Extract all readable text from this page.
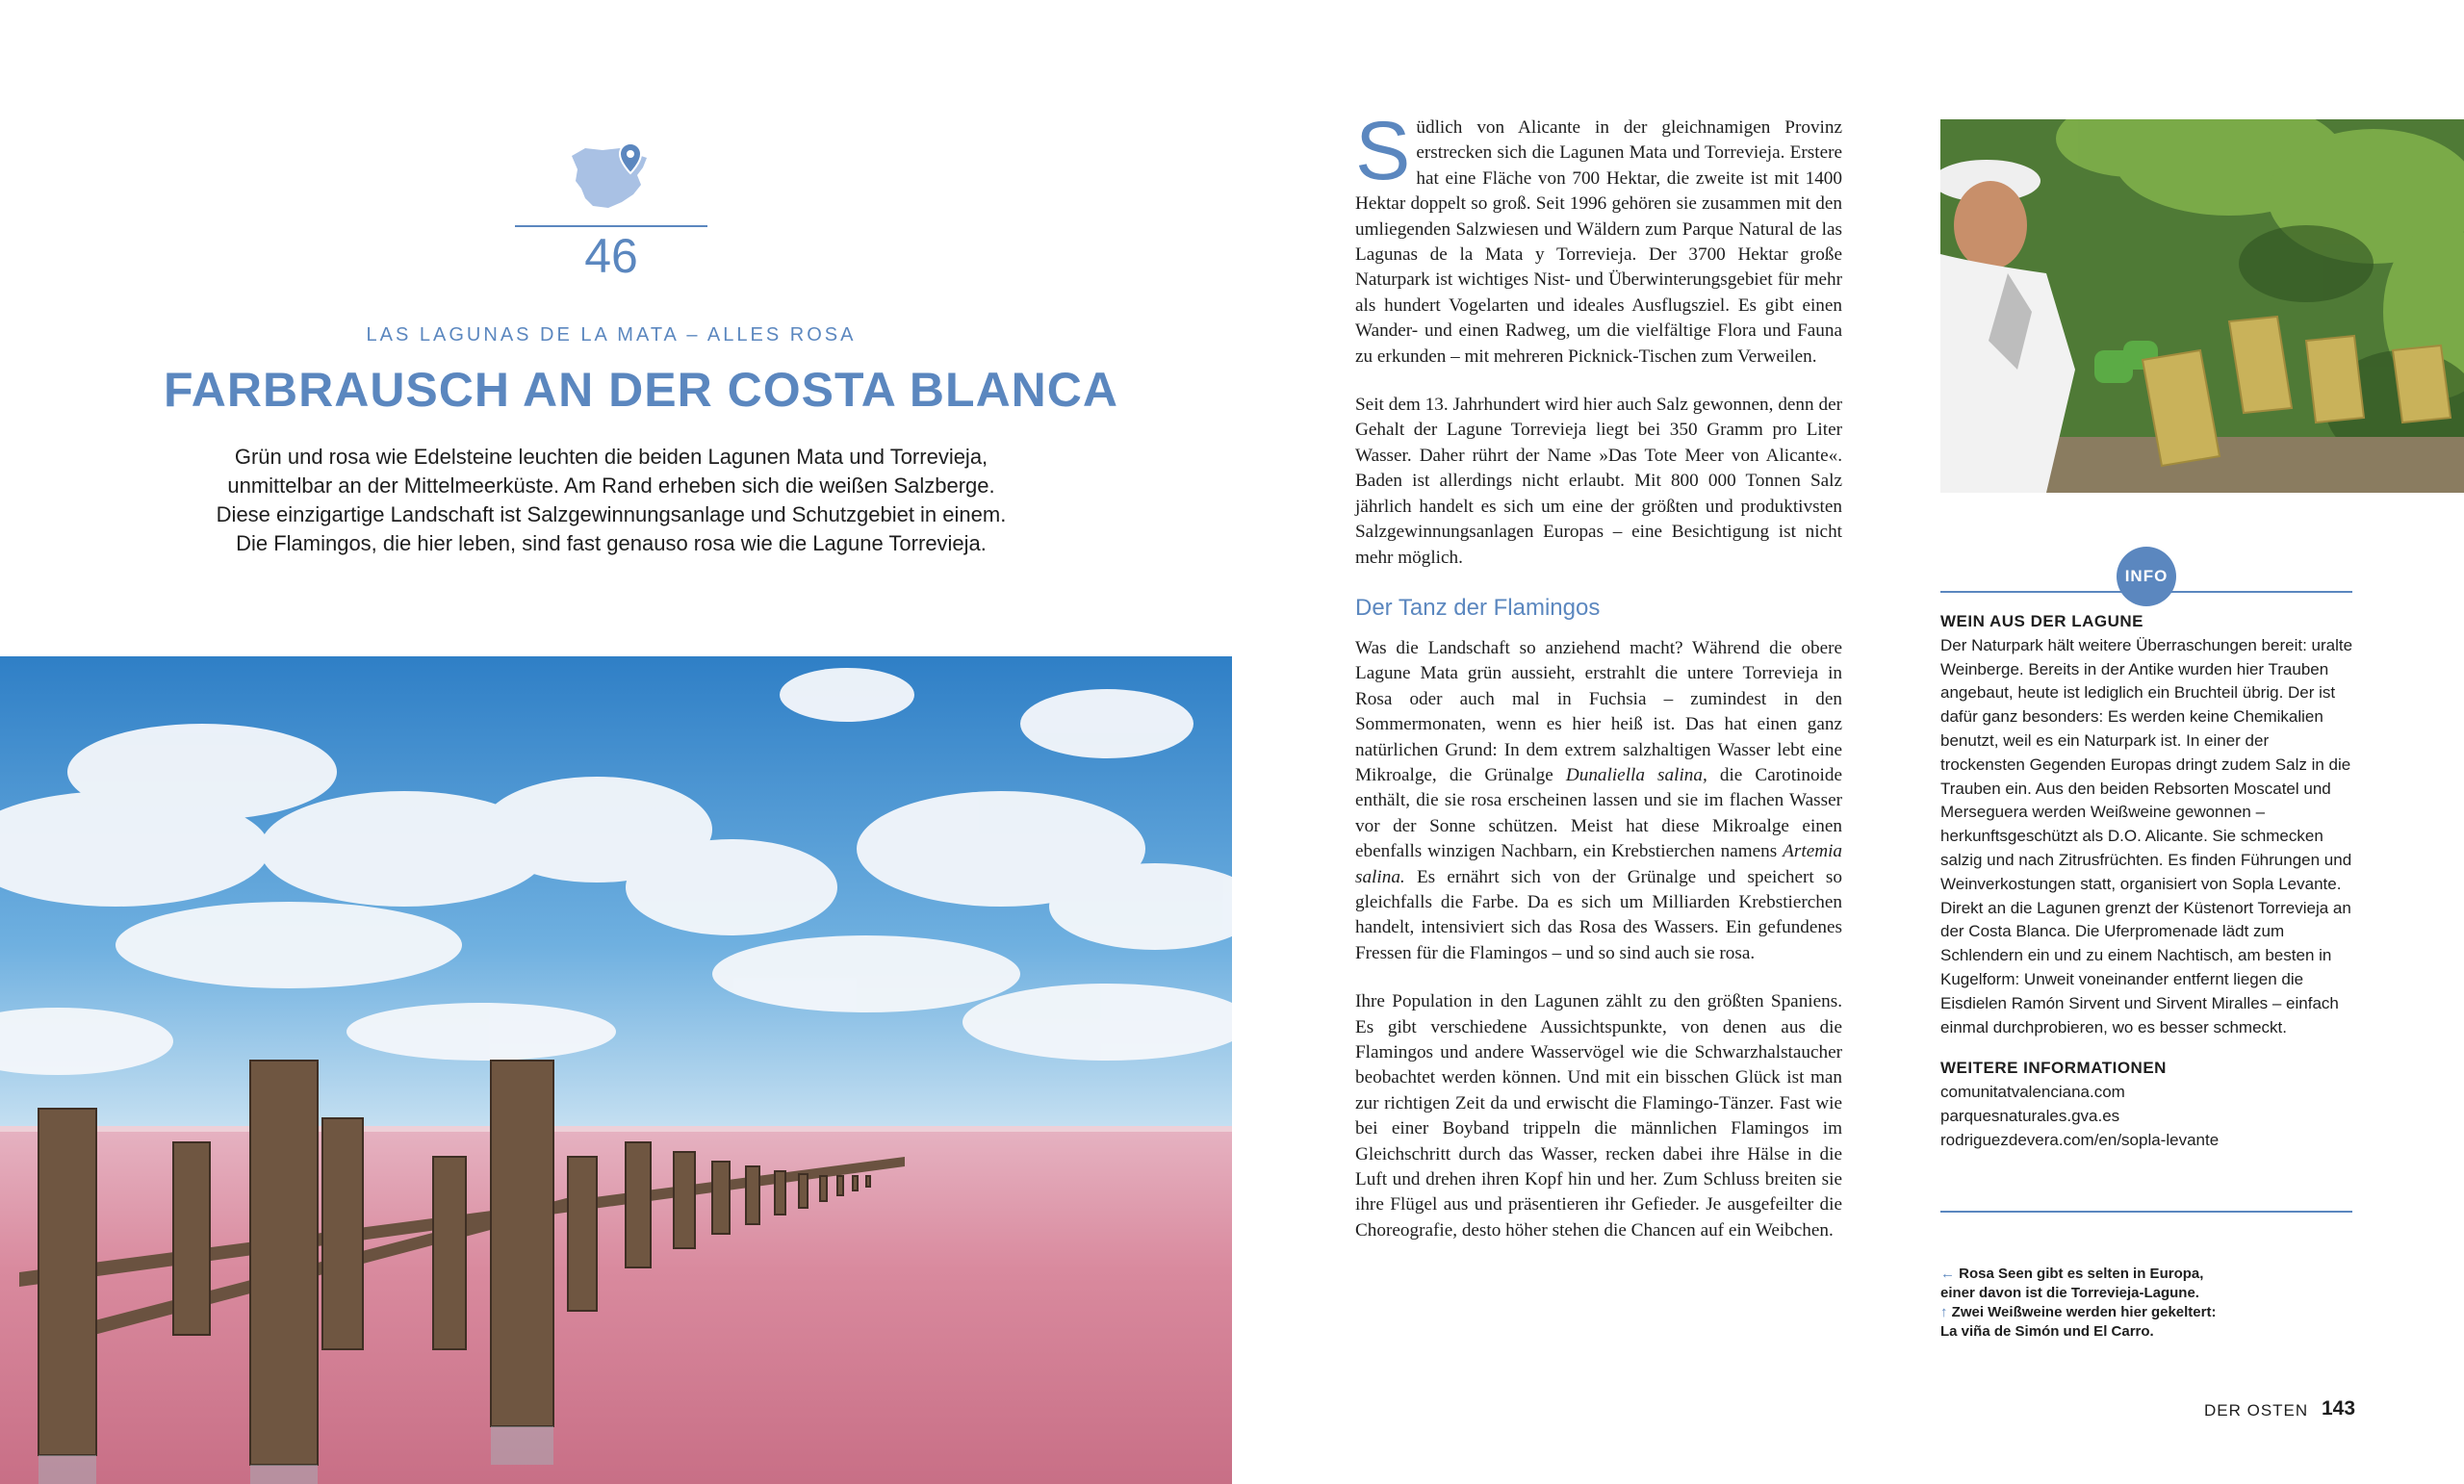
46
LAS LAGUNAS DE LA MATA – ALLES ROSA
FARBRAUSCH AN DER COSTA BLANCA
Grün und rosa wie Edelsteine leuchten die beiden Lagunen Mata und Torrevieja,
unmittelbar an der Mittelmeerküste. Am Rand erheben sich die weißen Salzberge.
Diese einzigartige Landschaft ist Salzgewinnungsanlage und Schutzgebiet in einem.
Die Flamingos, die hier leben, sind fast genauso rosa wie die Lagune Torrevieja.

Südlich von Alicante in der gleichnamigen Provinz erstrecken sich die Lagunen Mata und Torrevieja. Erstere hat eine Fläche von 700 Hektar, die zweite ist mit 1400 Hektar doppelt so groß. Seit 1996 gehören sie zusammen mit den umliegenden Salzwiesen und Wäldern zum Parque Natural de las Lagunas de la Mata y Torrevieja. Der 3700 Hektar große Naturpark ist wichtiges Nist- und Überwinterungsgebiet für mehr als hundert Vogelarten und ideales Ausflugsziel. Es gibt einen Wander- und einen Radweg, um die vielfältige Flora und Fauna zu erkunden – mit mehreren Picknick-Tischen zum Verweilen.

Seit dem 13. Jahrhundert wird hier auch Salz gewonnen, denn der Gehalt der Lagune Torrevieja liegt bei 350 Gramm pro Liter Wasser. Daher rührt der Name »Das Tote Meer von Alicante«. Baden ist allerdings nicht erlaubt. Mit 800 000 Tonnen Salz jährlich handelt es sich um eine der größten und produktivsten Salzgewinnungsanlagen Europas – eine Besichtigung ist nicht mehr möglich.

Der Tanz der Flamingos

Was die Landschaft so anziehend macht? Während die obere Lagune Mata grün aussieht, erstrahlt die untere Torrevieja in Rosa oder auch mal in Fuchsia – zumindest in den Sommermonaten, wenn es hier heiß ist. Das hat einen ganz natürlichen Grund: In dem extrem salzhaltigen Wasser lebt eine Mikroalge, die Grünalge Dunaliella salina, die Carotinoide enthält, die sie rosa erscheinen lassen und sie im flachen Wasser vor der Sonne schützen. Meist hat diese Mikroalge einen ebenfalls winzigen Nachbarn, ein Krebstierchen namens Artemia salina. Es ernährt sich von der Grünalge und speichert so gleichfalls die Farbe. Da es sich um Milliarden Krebstierchen handelt, intensiviert sich das Rosa des Wassers. Ein gefundenes Fressen für die Flamingos – und so sind auch sie rosa.

Ihre Population in den Lagunen zählt zu den größten Spaniens. Es gibt verschiedene Aussichtspunkte, von denen aus die Flamingos und andere Wasservögel wie die Schwarzhalstaucher beobachtet werden können. Und mit ein bisschen Glück ist man zur richtigen Zeit da und erwischt die Flamingo-Tänzer. Fast wie bei einer Boyband trippeln die männlichen Flamingos im Gleichschritt durch das Wasser, recken dabei ihre Hälse in die Luft und drehen ihren Kopf hin und her. Zum Schluss breiten sie ihre Flügel aus und präsentieren ihr Gefieder. Je ausgefeilter die Choreografie, desto höher stehen die Chancen auf ein Weibchen.

INFO

WEIN AUS DER LAGUNE

Der Naturpark hält weitere Überraschungen bereit: uralte Weinberge. Bereits in der Antike wurden hier Trauben angebaut, heute ist lediglich ein Bruchteil übrig. Der ist dafür ganz besonders: Es werden keine Chemikalien benutzt, weil es ein Naturpark ist. In einer der trockensten Gegenden Europas dringt zudem Salz in die Trauben ein. Aus den beiden Rebsorten Moscatel und Merseguera werden Weißweine gewonnen – herkunftsgeschützt als D.O. Alicante. Sie schmecken salzig und nach Zitrusfrüchten. Es finden Führungen und Weinverkostungen statt, organisiert von Sopla Levante. Direkt an die Lagunen grenzt der Küstenort Torrevieja an der Costa Blanca. Die Uferpromenade lädt zum Schlendern ein und zu einem Nachtisch, am besten in Kugelform: Unweit voneinander entfernt liegen die Eisdielen Ramón Sirvent und Sirvent Miralles – einfach einmal durchprobieren, wo es besser schmeckt.

WEITERE INFORMATIONEN

comunitatvalenciana.com

parquesnaturales.gva.es

rodriguezdevera.com/en/sopla-levante

← Rosa Seen gibt es selten in Europa,

einer davon ist die Torrevieja-Lagune.

↑ Zwei Weißweine werden hier gekeltert:

La viña de Simón und El Carro.

DER OSTEN 143
